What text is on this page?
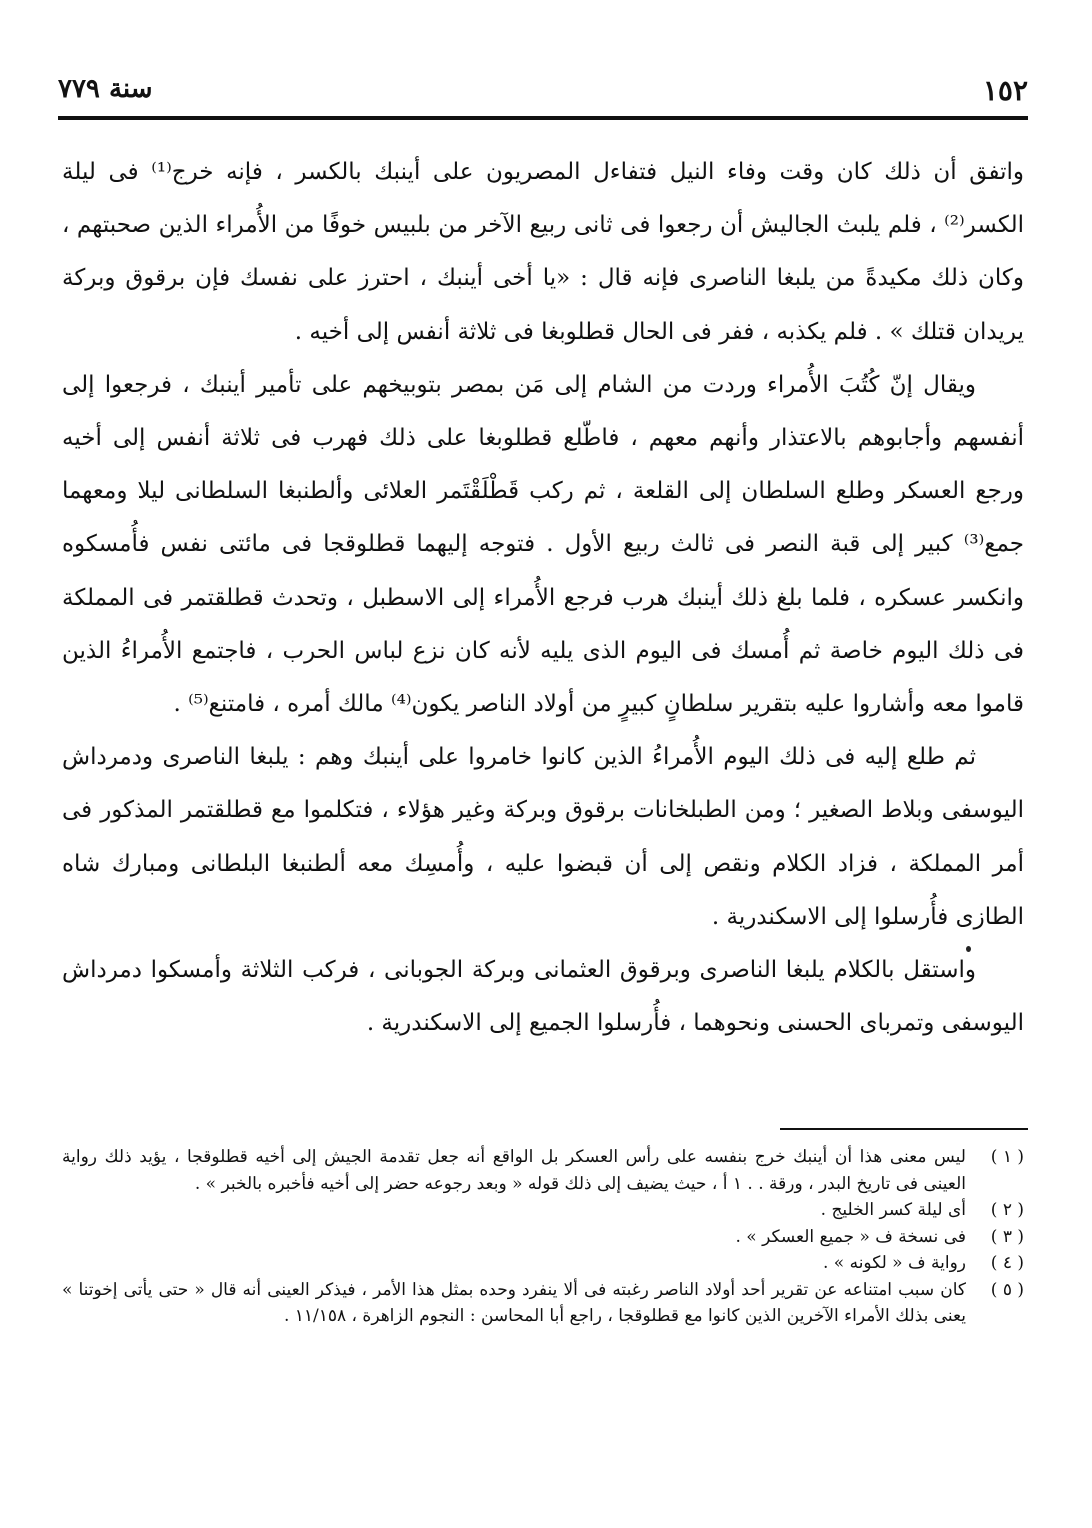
١٥٢
سنة ٧٧٩

واتفق أن ذلك كان وقت وفاء النيل فتفاءل المصريون على أينبك بالكسر ، فإنه خرج⁽¹⁾ فى ليلة الكسر⁽²⁾ ، فلم يلبث الجاليش أن رجعوا فى ثانى ربيع الآخر من بلبيس خوفًا من الأُمراء الذين صحبتهم ، وكان ذلك مكيدةً من يلبغا الناصرى فإنه قال : «يا أخى أينبك ، احترز على نفسك فإن برقوق وبركة يريدان قتلك » . فلم يكذبه ، ففر فى الحال قطلوبغا فى ثلاثة أنفس إلى أخيه .

ويقال إنّ كُتُبَ الأُمراء وردت من الشام إلى مَن بمصر بتوبيخهم على تأمير أينبك ، فرجعوا إلى أنفسهم وأجابوهم بالاعتذار وأنهم معهم ، فاطّلع قطلوبغا على ذلك فهرب فى ثلاثة أنفس إلى أخيه ورجع العسكر وطلع السلطان إلى القلعة ، ثم ركب قَطْلَقْتَمر العلائى وألطنبغا السلطانى ليلا ومعهما جمع⁽³⁾ كبير إلى قبة النصر فى ثالث ربيع الأول . فتوجه إليهما قطلوقجا فى مائتى نفس فأُمسكوه وانكسر عسكره ، فلما بلغ ذلك أينبك هرب فرجع الأُمراء إلى الاسطبل ، وتحدث قطلقتمر فى المملكة فى ذلك اليوم خاصة ثم أُمسك فى اليوم الذى يليه لأنه كان نزع لباس الحرب ، فاجتمع الأُمراءُ الذين قاموا معه وأشاروا عليه بتقرير سلطانٍ كبيرٍ من أولاد الناصر يكون⁽⁴⁾ مالك أمره ، فامتنع⁽⁵⁾ .

ثم طلع إليه فى ذلك اليوم الأُمراءُ الذين كانوا خامروا على أينبك وهم : يلبغا الناصرى ودمرداش اليوسفى وبلاط الصغير ؛ ومن الطبلخانات برقوق وبركة وغير هؤلاء ، فتكلموا مع قطلقتمر المذكور فى أمر المملكة ، فزاد الكلام ونقص إلى أن قبضوا عليه ، وأُمسِك معه ألطنبغا البلطانى ومبارك شاه الطازى فأُرسلوا إلى الاسكندرية .

واستقل بالكلام يلبغا الناصرى وبرقوق العثمانى وبركة الجوبانى ، فركب الثلاثة وأمسكوا دمرداش اليوسفى وتمرباى الحسنى ونحوهما ، فأُرسلوا الجميع إلى الاسكندرية .

( ١ )
ليس معنى هذا أن أينبك خرج بنفسه على رأس العسكر بل الواقع أنه جعل تقدمة الجيش إلى أخيه قطلوقجا ، يؤيد ذلك رواية العينى فى تاريخ البدر ، ورقة . . ١ أ ، حيث يضيف إلى ذلك قوله « وبعد رجوعه حضر إلى أخيه فأخبره بالخبر » .
( ٢ )
أى ليلة كسر الخليج .
( ٣ )
فى نسخة ف « جميع العسكر » .
( ٤ )
رواية ف « لكونه » .
( ٥ )
كان سبب امتناعه عن تقرير أحد أولاد الناصر رغبته فى ألا ينفرد وحده بمثل هذا الأمر ، فيذكر العينى أنه قال « حتى يأتى إخوتنا » يعنى بذلك الأمراء الآخرين الذين كانوا مع قطلوقجا ، راجع أبا المحاسن : النجوم الزاهرة ، ١١/١٥٨ .
